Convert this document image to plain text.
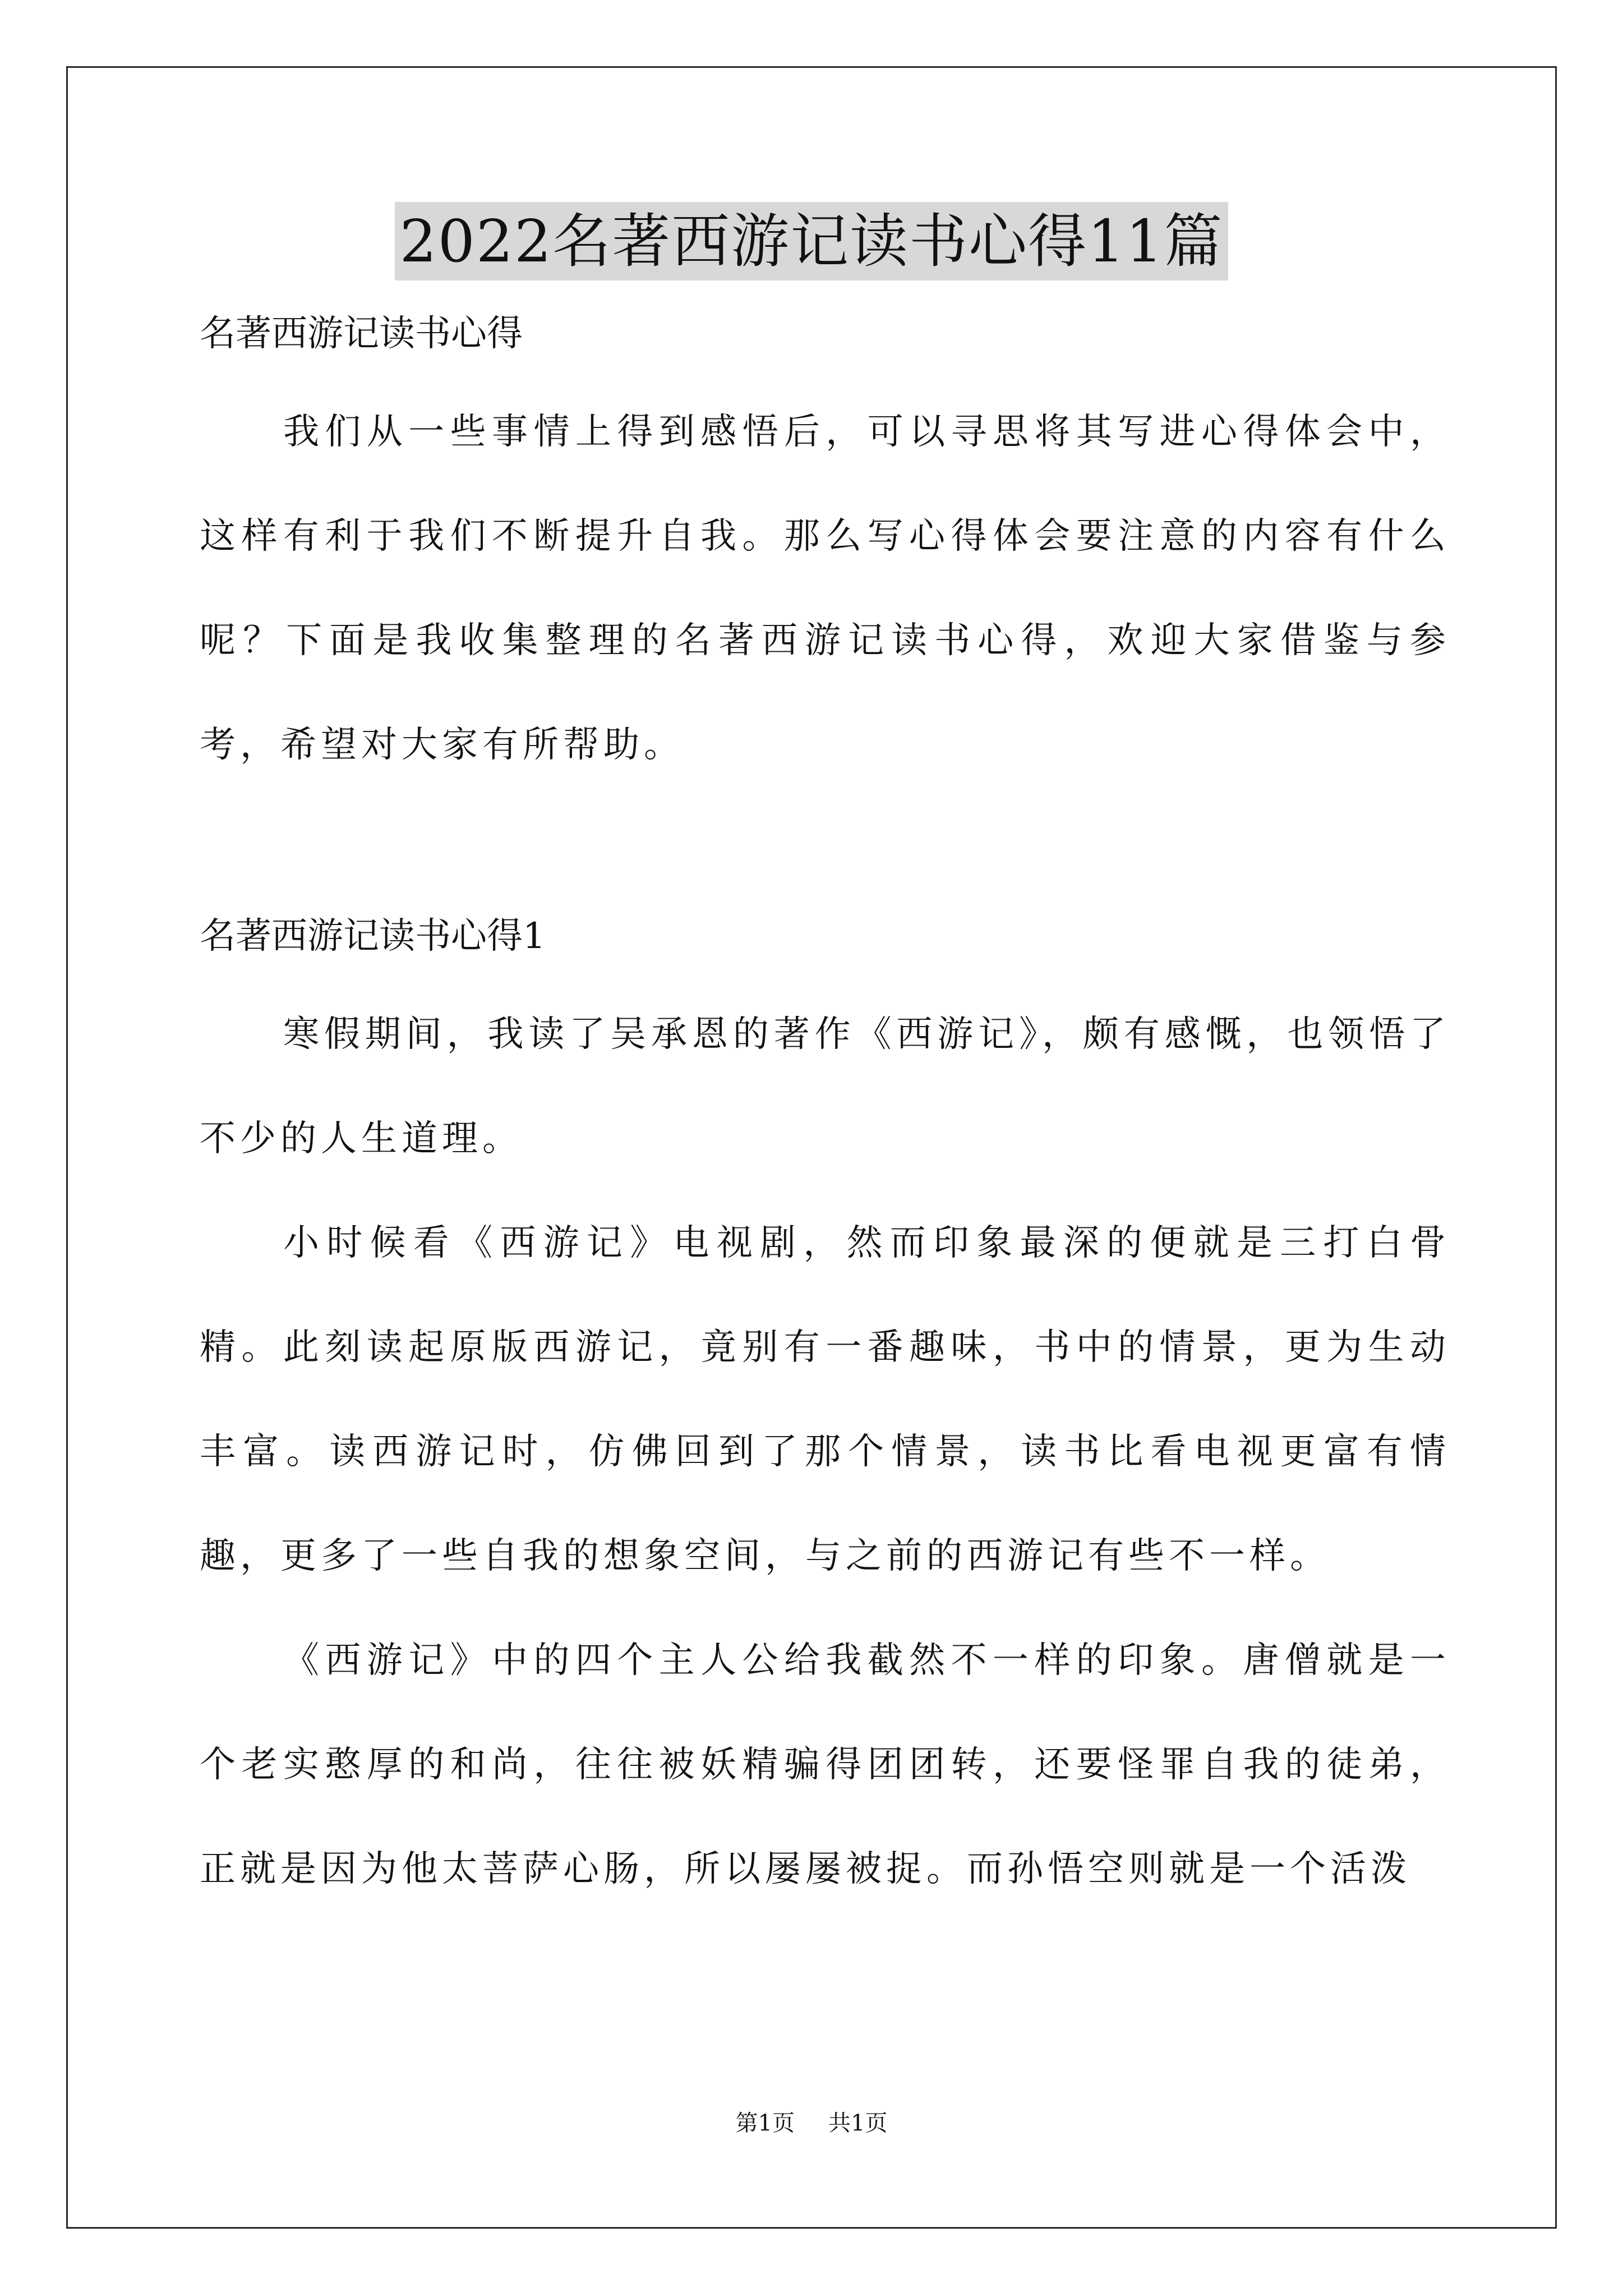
2022名著西游记读书心得11篇

名著西游记读书心得

我们从一些事情上得到感悟后，可以寻思将其写进心得体会中，这样有利于我们不断提升自我。那么写心得体会要注意的内容有什么呢？下面是我收集整理的名著西游记读书心得，欢迎大家借鉴与参考，希望对大家有所帮助。

名著西游记读书心得1

寒假期间，我读了吴承恩的著作《西游记》，颇有感慨，也领悟了不少的人生道理。

小时候看《西游记》电视剧，然而印象最深的便就是三打白骨精。此刻读起原版西游记，竟别有一番趣味，书中的情景，更为生动丰富。读西游记时，仿佛回到了那个情景，读书比看电视更富有情趣，更多了一些自我的想象空间，与之前的西游记有些不一样。

《西游记》中的四个主人公给我截然不一样的印象。唐僧就是一个老实憨厚的和尚，往往被妖精骗得团团转，还要怪罪自我的徒弟，正就是因为他太菩萨心肠，所以屡屡被捉。而孙悟空则就是一个活泼

第1页 共1页
